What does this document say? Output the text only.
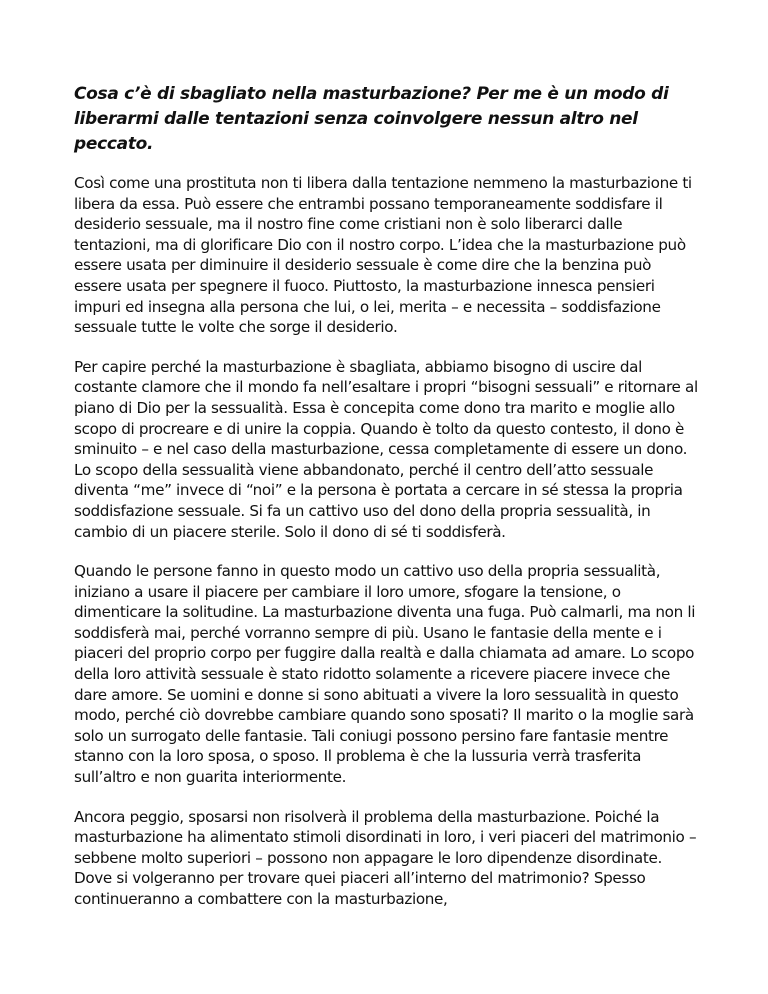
Cosa c’è di sbagliato nella masturbazione? Per me è un modo di liberarmi dalle tentazioni senza coinvolgere nessun altro nel peccato.

Così come una prostituta non ti libera dalla tentazione nemmeno la masturbazione ti libera da essa. Può essere che entrambi possano temporaneamente soddisfare il desiderio sessuale, ma il nostro fine come cristiani non è solo liberarci dalle tentazioni, ma di glorificare Dio con il nostro corpo. L’idea che la masturbazione può essere usata per diminuire il desiderio sessuale è come dire che la benzina può essere usata per spegnere il fuoco. Piuttosto, la masturbazione innesca pensieri impuri ed insegna alla persona che lui, o lei, merita – e necessita – soddisfazione sessuale tutte le volte che sorge il desiderio.

Per capire perché la masturbazione è sbagliata, abbiamo bisogno di uscire dal costante clamore che il mondo fa nell’esaltare i propri “bisogni sessuali” e ritornare al piano di Dio per la sessualità. Essa è concepita come dono tra marito e moglie allo scopo di procreare e di unire la coppia. Quando è tolto da questo contesto, il dono è sminuito – e nel caso della masturbazione, cessa completamente di essere un dono. Lo scopo della sessualità viene abbandonato, perché il centro dell’atto sessuale diventa “me” invece di “noi” e la persona è portata a cercare in sé stessa la propria soddisfazione sessuale. Si fa un cattivo uso del dono della propria sessualità, in cambio di un piacere sterile. Solo il dono di sé ti soddisferà.

Quando le persone fanno in questo modo un cattivo uso della propria sessualità, iniziano a usare il piacere per cambiare il loro umore, sfogare la tensione, o dimenticare la solitudine. La masturbazione diventa una fuga. Può calmarli, ma non li soddisferà mai, perché vorranno sempre di più. Usano le fantasie della mente e i piaceri del proprio corpo per fuggire dalla realtà e dalla chiamata ad amare. Lo scopo della loro attività sessuale è stato ridotto solamente a ricevere piacere invece che dare amore. Se uomini e donne si sono abituati a vivere la loro sessualità in questo modo, perché ciò dovrebbe cambiare quando sono sposati? Il marito o la moglie sarà solo un surrogato delle fantasie. Tali coniugi possono persino fare fantasie mentre stanno con la loro sposa, o sposo. Il problema è che la lussuria verrà trasferita sull’altro e non guarita interiormente.

Ancora peggio, sposarsi non risolverà il problema della masturbazione. Poiché la masturbazione ha alimentato stimoli disordinati in loro, i veri piaceri del matrimonio – sebbene molto superiori – possono non appagare le loro dipendenze disordinate. Dove si volgeranno per trovare quei piaceri all’interno del matrimonio? Spesso continueranno a combattere con la masturbazione,
